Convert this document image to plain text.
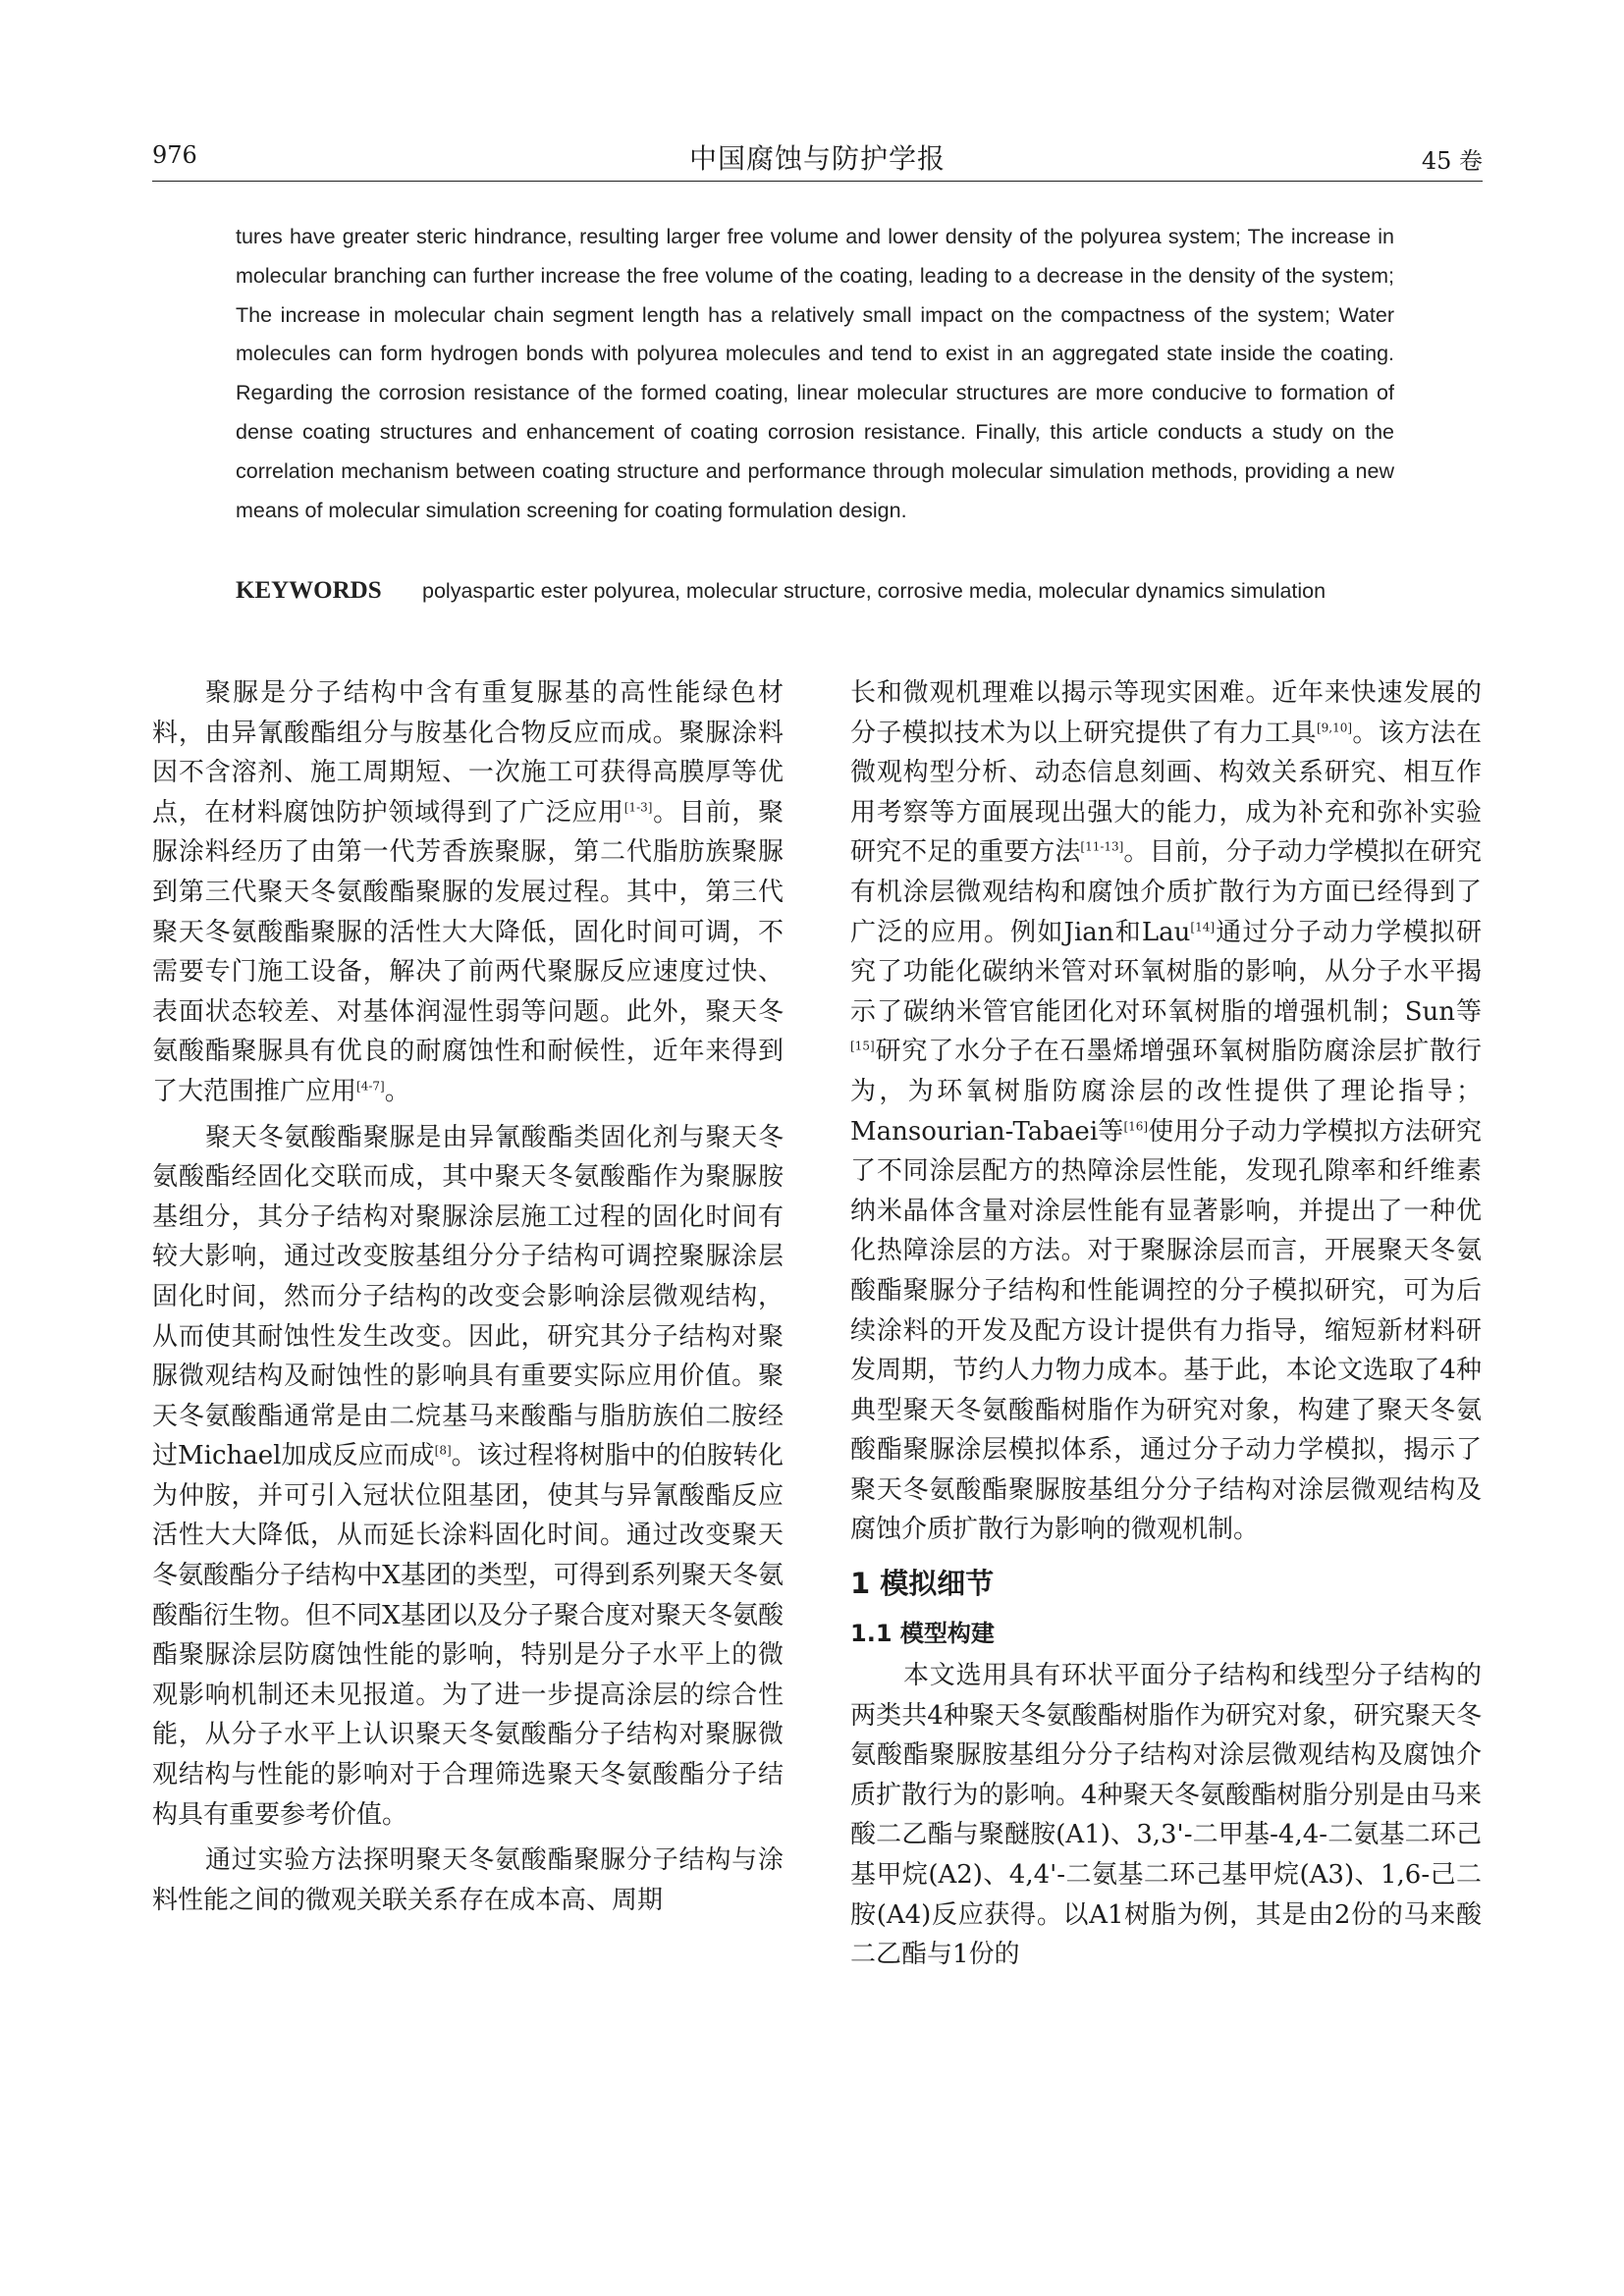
中国腐蚀与防护学报
976	45 卷

tures have greater steric hindrance, resulting larger free volume and lower density of the polyurea system; The increase in molecular branching can further increase the free volume of the coating, leading to a decrease in the density of the system; The increase in molecular chain segment length has a relatively small impact on the compactness of the system; Water molecules can form hydrogen bonds with polyurea molecules and tend to exist in an aggregated state inside the coating. Regarding the corrosion resistance of the formed coating, linear molecular structures are more conducive to formation of dense coating structures and enhancement of coating corrosion resistance. Finally, this article conducts a study on the correlation mechanism between coating structure and performance through molecular simulation methods, providing a new means of molecular simulation screening for coating formulation design.

KEYWORDS polyaspartic ester polyurea, molecular structure, corrosive media, molecular dynamics simulation

聚脲是分子结构中含有重复脲基的高性能绿色材料，由异氰酸酯组分与胺基化合物反应而成。聚脲涂料因不含溶剂、施工周期短、一次施工可获得高膜厚等优点，在材料腐蚀防护领域得到了广泛应用[1-3]。目前，聚脲涂料经历了由第一代芳香族聚脲，第二代脂肪族聚脲到第三代聚天冬氨酸酯聚脲的发展过程。其中，第三代聚天冬氨酸酯聚脲的活性大大降低，固化时间可调，不需要专门施工设备，解决了前两代聚脲反应速度过快、表面状态较差、对基体润湿性弱等问题。此外，聚天冬氨酸酯聚脲具有优良的耐腐蚀性和耐候性，近年来得到了大范围推广应用[4-7]。

聚天冬氨酸酯聚脲是由异氰酸酯类固化剂与聚天冬氨酸酯经固化交联而成，其中聚天冬氨酸酯作为聚脲胺基组分，其分子结构对聚脲涂层施工过程的固化时间有较大影响，通过改变胺基组分分子结构可调控聚脲涂层固化时间，然而分子结构的改变会影响涂层微观结构，从而使其耐蚀性发生改变。因此，研究其分子结构对聚脲微观结构及耐蚀性的影响具有重要实际应用价值。聚天冬氨酸酯通常是由二烷基马来酸酯与脂肪族伯二胺经过Michael加成反应而成[8]。该过程将树脂中的伯胺转化为仲胺，并可引入冠状位阻基团，使其与异氰酸酯反应活性大大降低，从而延长涂料固化时间。通过改变聚天冬氨酸酯分子结构中X基团的类型，可得到系列聚天冬氨酸酯衍生物。但不同X基团以及分子聚合度对聚天冬氨酸酯聚脲涂层防腐蚀性能的影响，特别是分子水平上的微观影响机制还未见报道。为了进一步提高涂层的综合性能，从分子水平上认识聚天冬氨酸酯分子结构对聚脲微观结构与性能的影响对于合理筛选聚天冬氨酸酯分子结构具有重要参考价值。

通过实验方法探明聚天冬氨酸酯聚脲分子结构与涂料性能之间的微观关联关系存在成本高、周期

长和微观机理难以揭示等现实困难。近年来快速发展的分子模拟技术为以上研究提供了有力工具[9,10]。该方法在微观构型分析、动态信息刻画、构效关系研究、相互作用考察等方面展现出强大的能力，成为补充和弥补实验研究不足的重要方法[11-13]。目前，分子动力学模拟在研究有机涂层微观结构和腐蚀介质扩散行为方面已经得到了广泛的应用。例如Jian和Lau[14]通过分子动力学模拟研究了功能化碳纳米管对环氧树脂的影响，从分子水平揭示了碳纳米管官能团化对环氧树脂的增强机制；Sun等[15]研究了水分子在石墨烯增强环氧树脂防腐涂层扩散行为，为环氧树脂防腐涂层的改性提供了理论指导；Mansourian-Tabaei等[16]使用分子动力学模拟方法研究了不同涂层配方的热障涂层性能，发现孔隙率和纤维素纳米晶体含量对涂层性能有显著影响，并提出了一种优化热障涂层的方法。对于聚脲涂层而言，开展聚天冬氨酸酯聚脲分子结构和性能调控的分子模拟研究，可为后续涂料的开发及配方设计提供有力指导，缩短新材料研发周期，节约人力物力成本。基于此，本论文选取了4种典型聚天冬氨酸酯树脂作为研究对象，构建了聚天冬氨酸酯聚脲涂层模拟体系，通过分子动力学模拟，揭示了聚天冬氨酸酯聚脲胺基组分分子结构对涂层微观结构及腐蚀介质扩散行为影响的微观机制。

1 模拟细节
1.1 模型构建

本文选用具有环状平面分子结构和线型分子结构的两类共4种聚天冬氨酸酯树脂作为研究对象，研究聚天冬氨酸酯聚脲胺基组分分子结构对涂层微观结构及腐蚀介质扩散行为的影响。4种聚天冬氨酸酯树脂分别是由马来酸二乙酯与聚醚胺(A1)、3,3'-二甲基-4,4-二氨基二环己基甲烷(A2)、4,4'-二氨基二环己基甲烷(A3)、1,6-己二胺(A4)反应获得。以A1树脂为例，其是由2份的马来酸二乙酯与1份的
